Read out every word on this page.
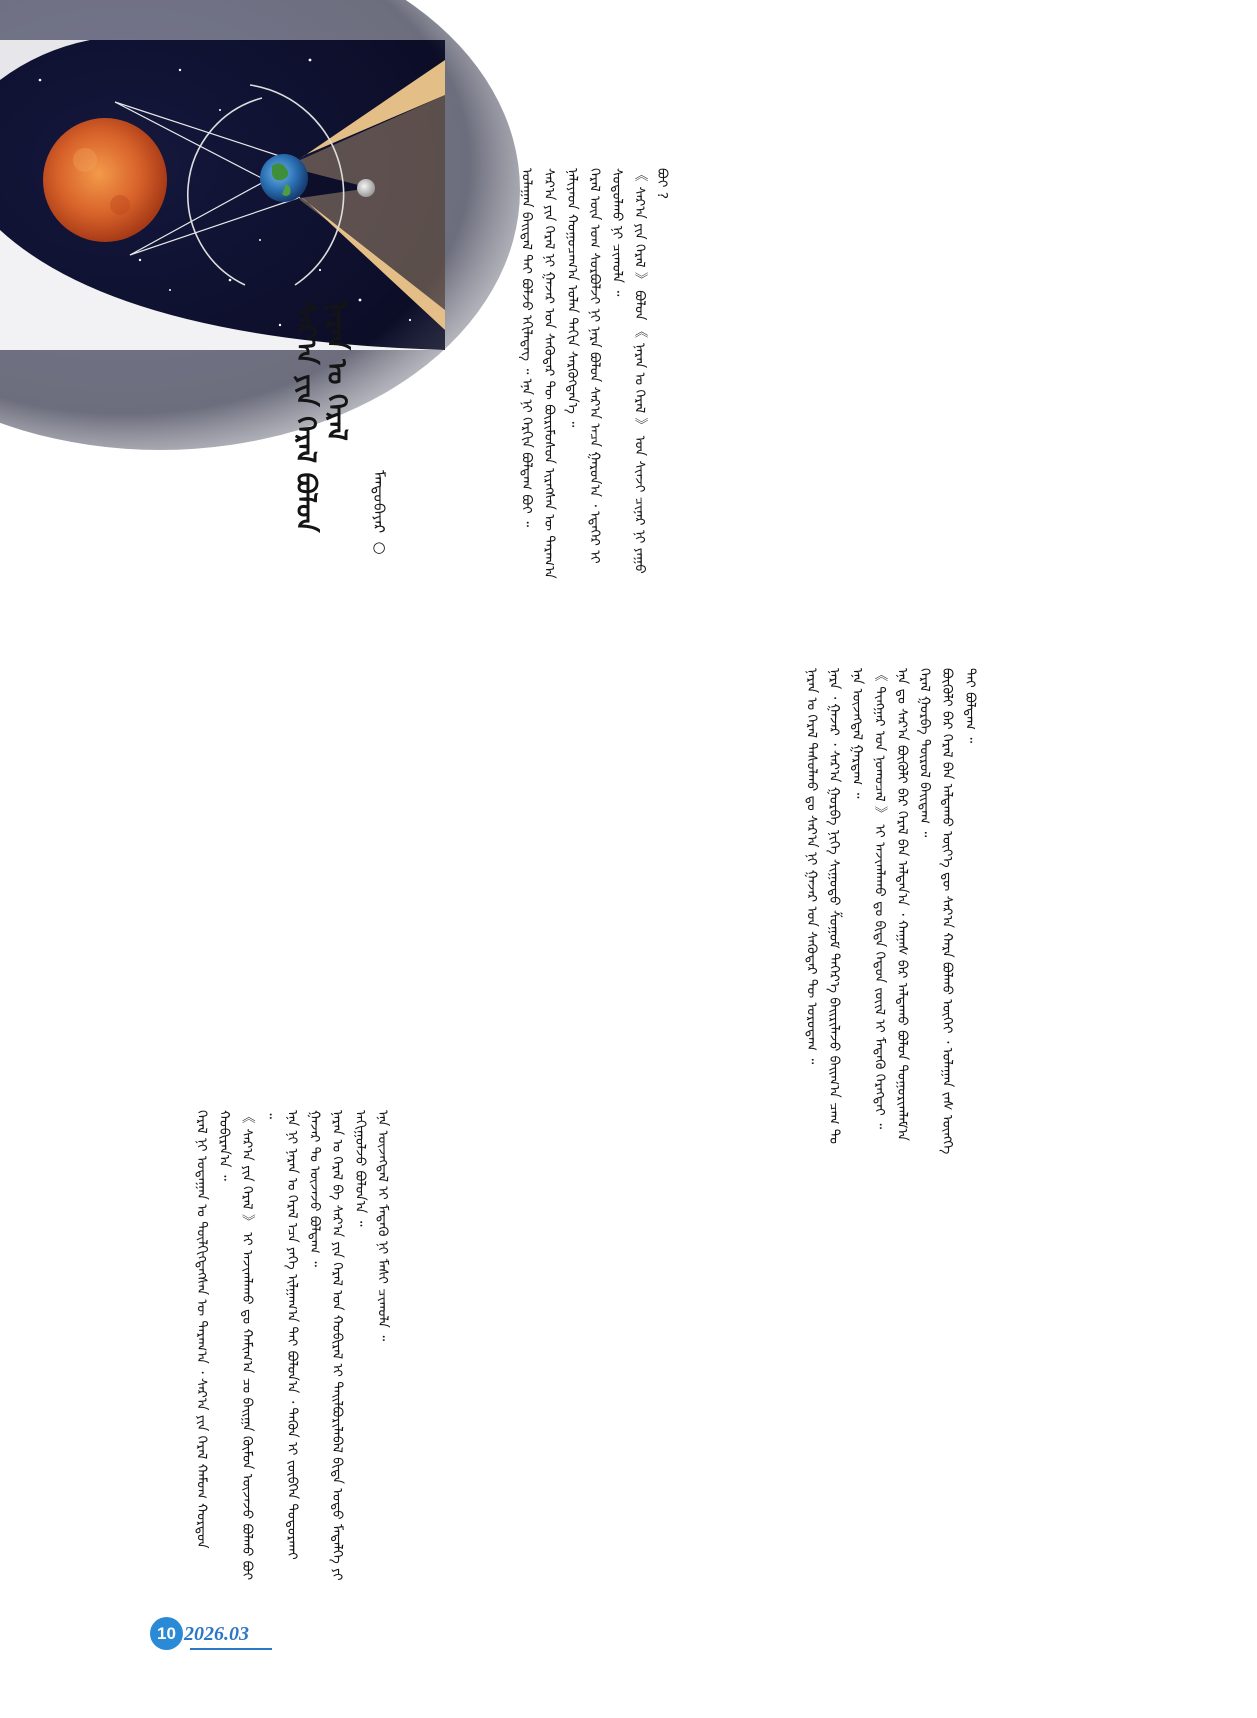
ᠰᠠᠷ᠎ᠠ ᠶᠢᠨ ᠭᠡᠷᠡᠯ ᠪᠤᠯᠤᠨ ᠨᠠᠷᠠᠨ ᠤ ᠭᠡᠷᠡᠯ
ᠮᠡᠨᠳᠦᠪᠠᠶᠠᠷ ○
ᠤᠯᠠᠭᠠᠨ ᠪᠠᠢᠳᠠᠯ ᠲᠠᠢ ᠪᠣᠯᠵᠤ ᠡᠬᠢᠯᠡᠳᠡᠭ ᠃ ᠡᠨᠡ ᠨᠢ ᠬᠡᠷᠬᠢᠨ ᠪᠣᠯᠳᠠᠭ ᠪᠣᠢ ᠃
ᠰᠠᠷ᠎ᠠ ᠶᠢᠨ ᠭᠡᠷᠡᠯ ᠨᠢ ᠭᠠᠵᠠᠷ ᠤᠨ ᠰᠡᠬᠦᠳᠡᠷ ᠲᠦ ᠪᠦᠷᠢᠮᠦᠰᠦᠨ ᠢᠷᠡᠭᠰᠡᠨ ᠦ ᠳᠠᠷᠠᠭ᠎ᠠ ᠨᠡᠯᠢᠶᠡᠳ ᠬᠤᠭᠤᠴᠠᠭ᠎ᠠ ᠣᠯᠠᠨ ᠳᠠᠬᠢᠨ ᠰᠡᠷᠭᠦᠭᠳᠡᠨ᠎ᠡ ᠃
ᠭᠡᠷᠡᠯ ᠦᠨ ᠤᠭ ᠰᠤᠷᠪᠤᠯᠵᠢ ᠨᠢ ᠨᠠᠷᠠ ᠪᠣᠯᠤᠨ ᠰᠠᠷ᠎ᠠ ᠠᠴᠠ ᠭᠠᠷᠤᠨ᠎ᠠ ᠂ ᠡᠳᠡᠭᠡᠷ ᠢ ᠰᠤᠳᠤᠯᠬᠤ ᠨᠢ ᠴᠢᠬᠤᠯᠠ ᠃
《 ᠰᠠᠷ᠎ᠠ ᠶᠢᠨ ᠭᠡᠷᠡᠯ 》 ᠪᠣᠯᠤᠨ 《 ᠨᠠᠷᠠᠨ ᠤ ᠭᠡᠷᠡᠯ 》 ᠤᠨ ᠰᠢᠨᠵᠢ ᠴᠢᠨᠠᠷ ᠨᠢ ᠶᠠᠭᠤ ᠪᠤᠢ ?
ᠨᠠᠷᠠᠨ ᠤ ᠭᠡᠷᠡᠯ ᠲᠠᠰᠤᠯᠬᠤ ᠳᠤ ᠰᠠᠷ᠎ᠠ ᠨᠢ ᠭᠠᠵᠠᠷ ᠤᠨ ᠰᠡᠬᠦᠳᠡᠷ ᠲᠦ ᠣᠷᠤᠳᠠᠭ ᠃
ᠨᠠᠷᠠ ᠂ ᠭᠠᠵᠠᠷ ᠂ ᠰᠠᠷ᠎ᠠ ᠭᠤᠷᠪᠠ ᠨᠢᠭᠡ ᠰᠢᠭᠤᠳᠤ ᠱᠤᠭᠤᠮ ᠳᠡᠭᠡᠷ᠎ᠡ ᠪᠠᠢᠷᠢᠯᠠᠵᠤ ᠪᠠᠢᠭ᠎ᠠ ᠴᠠᠭ ᠲᠤ ᠡᠨᠡ ᠦᠵᠡᠭᠳᠡᠯ ᠭᠠᠷᠳᠠᠭ ᠃
《 ᠲᠢᠩᠭᠠᠷ ᠤᠨ ᠨᠤᠬᠤᠴᠠᠯ 》 ᠢ ᠠᠵᠢᠭᠯᠠᠬᠤ ᠳᠤ ᠪᠢᠳᠡ ᠬᠡᠳᠦᠨ ᠵᠦᠢᠯ ᠢ ᠮᠡᠳᠡᠬᠦ ᠬᠡᠷᠡᠭᠲᠡᠢ ᠃
ᠡᠨᠡ ᠳᠤ ᠰᠠᠷ᠎ᠠ ᠪᠦᠬᠦᠯᠢ ᠪᠠᠷ ᠭᠡᠷᠡᠯ ᠪᠠᠨ ᠠᠯᠳᠠᠨ᠎ᠠ ᠂ ᠬᠠᠭᠠᠰ ᠪᠠᠷ ᠠᠯᠳᠠᠬᠤ ᠪᠣᠯᠤᠨ ᠲᠣᠭᠣᠷᠢᠭᠯᠠᠮ᠎ᠠ ᠭᠡᠷᠡᠯ ᠭᠤᠷᠪᠠ ᠲᠥᠷᠥᠯ ᠪᠠᠢᠳᠠᠭ ᠃
ᠪᠦᠬᠦᠯᠢ ᠪᠠᠷ ᠭᠡᠷᠡᠯ ᠪᠡᠨ ᠠᠯᠳᠠᠬᠤ ᠦᠶ᠎ᠡ ᠳᠦ ᠰᠠᠷ᠎ᠠ ᠬᠠᠷᠠ ᠪᠣᠯᠬᠤ ᠦᠭᠡᠢ ᠂ ᠤᠯᠠᠭᠠᠨ ᠵᠡᠰ ᠦᠩᠭᠡ ᠲᠠᠢ ᠪᠣᠯᠳᠠᠭ ᠃
ᠭᠡᠷᠡᠯ ᠨᠢ ᠤᠳᠠᠭᠠᠨ ᠤ ᠲᠦᠯᠬᠢᠭᠳᠡᠭᠰᠡᠨ ᠦ ᠳᠠᠷᠠᠭ᠎ᠠ ᠂ ᠰᠠᠷ᠎ᠠ ᠶᠢᠨ ᠭᠡᠷᠡᠯ ᠬᠠᠮᠤᠭ ᠬᠤᠷᠳᠤᠨ ᠬᠤᠪᠢᠷᠠᠨ᠎ᠠ ᠃
《 ᠰᠠᠷ᠎ᠠ ᠶᠢᠨ ᠭᠡᠷᠡᠯ 》 ᠢ ᠠᠵᠢᠭᠯᠠᠬᠤ ᠳᠤ ᠬᠠᠮᠢᠭ᠎ᠠ ᠴᠤ ᠪᠠᠢᠭᠠ ᠬᠦᠮᠦᠨ ᠦᠵᠡᠵᠦ ᠪᠣᠯᠬᠤ ᠪᠣᠢ ᠃
ᠡᠨᠡ ᠨᠢ ᠨᠠᠷᠠᠨ ᠤ ᠭᠡᠷᠡᠯ ᠡᠴᠡ ᠶᠡᠬᠡ ᠢᠯᠭᠠᠭ᠎ᠠ ᠲᠠᠢ ᠪᠣᠯᠤᠨ᠎ᠠ ᠂ ᠲᠡᠭᠦᠨ ᠢ ᠵᠥᠪᠬᠡᠨ ᠲᠣᠳᠣᠷᠬᠠᠢ ᠭᠠᠵᠠᠷ ᠲᠤ ᠦᠵᠡᠵᠦ ᠪᠣᠯᠳᠠᠭ ᠃
ᠨᠠᠷᠠᠨ ᠤ ᠭᠡᠷᠡᠯ ᠪᠠ ᠰᠠᠷ᠎ᠠ ᠶᠢᠨ ᠭᠡᠷᠡᠯ ᠤᠨ ᠬᠤᠪᠢᠷᠠᠯ ᠢ ᠲᠠᠢᠯᠪᠤᠷᠢᠯᠠᠪᠠᠯ ᠪᠢᠳᠡ ᠣᠳᠤ ᠮᠡᠳᠡᠯᠭᠡ ᠶᠢ ᠠᠬᠢᠭᠤᠯᠵᠤ ᠪᠣᠯᠤᠨ᠎ᠠ ᠃
ᠡᠨᠡ ᠦᠵᠡᠭᠳᠡᠯ ᠢ ᠮᠡᠳᠡᠬᠦ ᠨᠢ ᠮᠠᠰᠢ ᠴᠢᠬᠤᠯᠠ ᠃
10 2026.03
